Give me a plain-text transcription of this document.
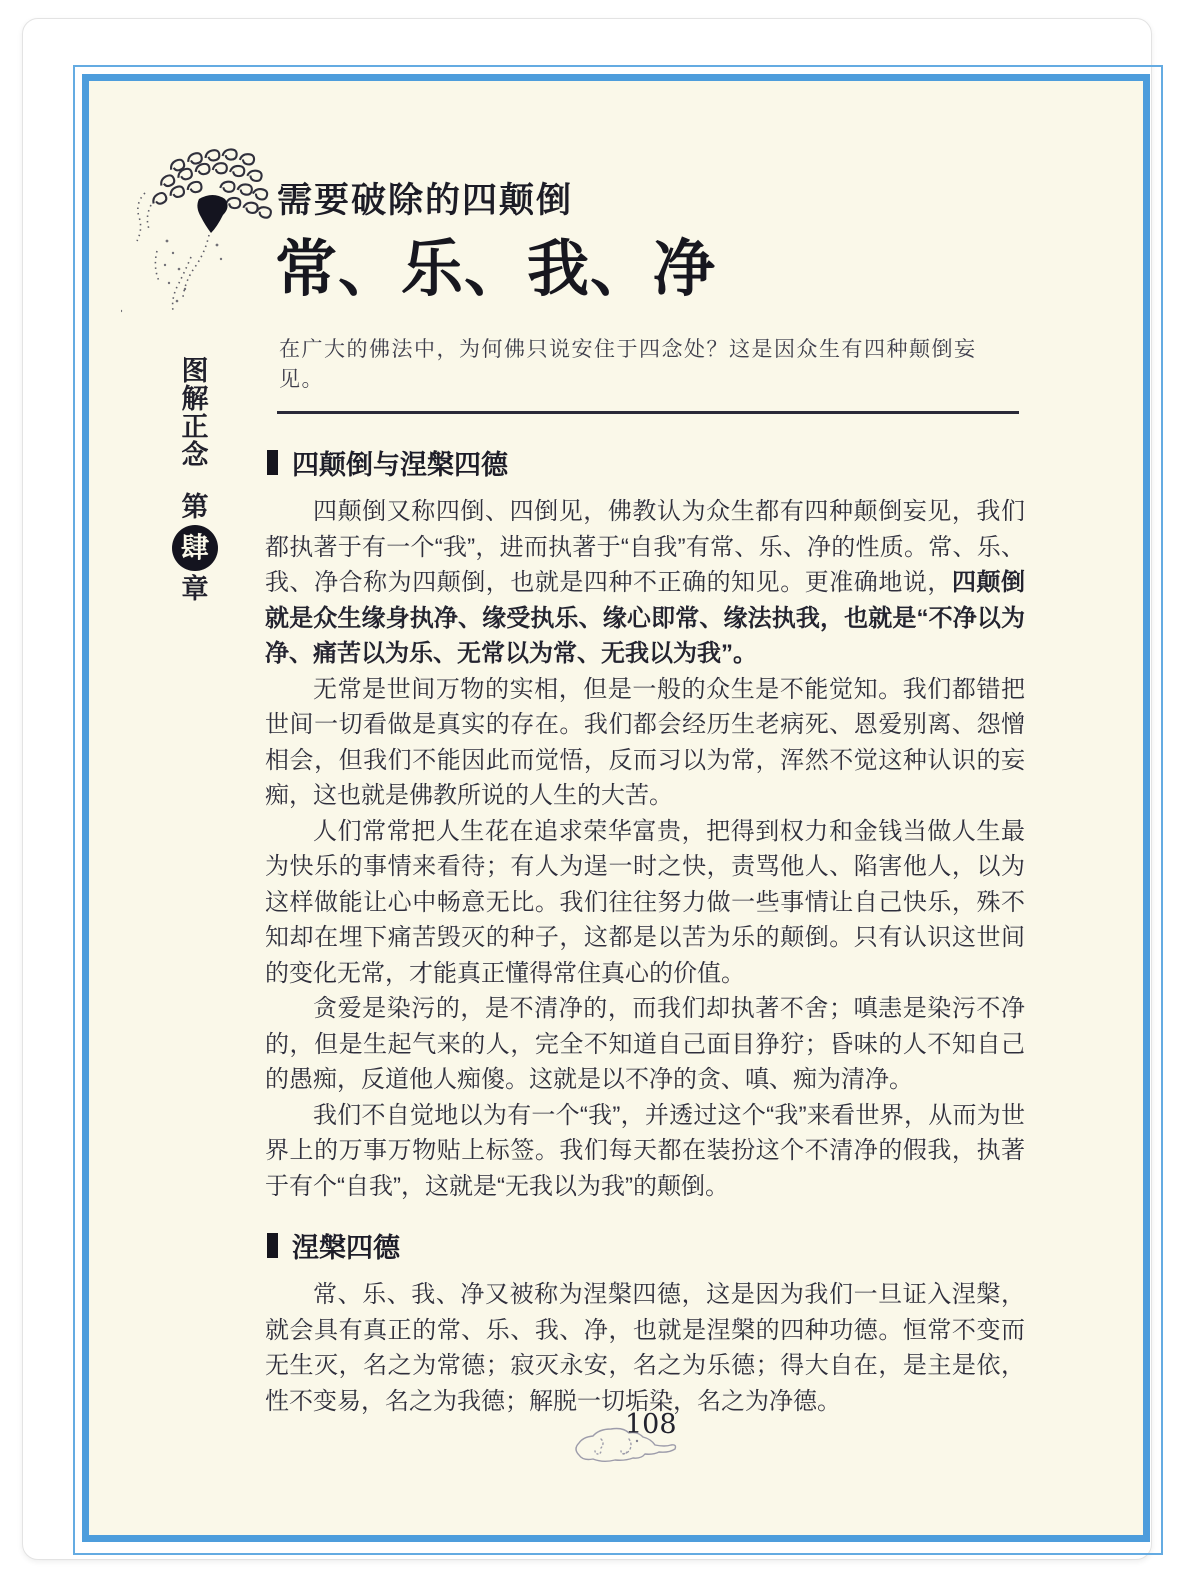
图
解
正
念
第
肆
章
需要破除的四颠倒
常、乐、我、净

在广大的佛法中，为何佛只说安住于四念处？这是因众生有四种颠倒妄见。

四颠倒与涅槃四德

四颠倒又称四倒、四倒见，佛教认为众生都有四种颠倒妄见，我们都执著于有一个“我”，进而执著于“自我”有常、乐、净的性质。常、乐、我、净合称为四颠倒，也就是四种不正确的知见。更准确地说，四颠倒就是众生缘身执净、缘受执乐、缘心即常、缘法执我，也就是“不净以为净、痛苦以为乐、无常以为常、无我以为我”。

无常是世间万物的实相，但是一般的众生是不能觉知。我们都错把世间一切看做是真实的存在。我们都会经历生老病死、恩爱别离、怨憎相会，但我们不能因此而觉悟，反而习以为常，浑然不觉这种认识的妄痴，这也就是佛教所说的人生的大苦。

人们常常把人生花在追求荣华富贵，把得到权力和金钱当做人生最为快乐的事情来看待；有人为逞一时之快，责骂他人、陷害他人，以为这样做能让心中畅意无比。我们往往努力做一些事情让自己快乐，殊不知却在埋下痛苦毁灭的种子，这都是以苦为乐的颠倒。只有认识这世间的变化无常，才能真正懂得常住真心的价值。

贪爱是染污的，是不清净的，而我们却执著不舍；嗔恚是染污不净的，但是生起气来的人，完全不知道自己面目狰狞；昏味的人不知自己的愚痴，反道他人痴傻。这就是以不净的贪、嗔、痴为清净。

我们不自觉地以为有一个“我”，并透过这个“我”来看世界，从而为世界上的万事万物贴上标签。我们每天都在装扮这个不清净的假我，执著于有个“自我”，这就是“无我以为我”的颠倒。

涅槃四德

常、乐、我、净又被称为涅槃四德，这是因为我们一旦证入涅槃，就会具有真正的常、乐、我、净，也就是涅槃的四种功德。恒常不变而无生灭，名之为常德；寂灭永安，名之为乐德；得大自在，是主是依，性不变易，名之为我德；解脱一切垢染，名之为净德。

108
